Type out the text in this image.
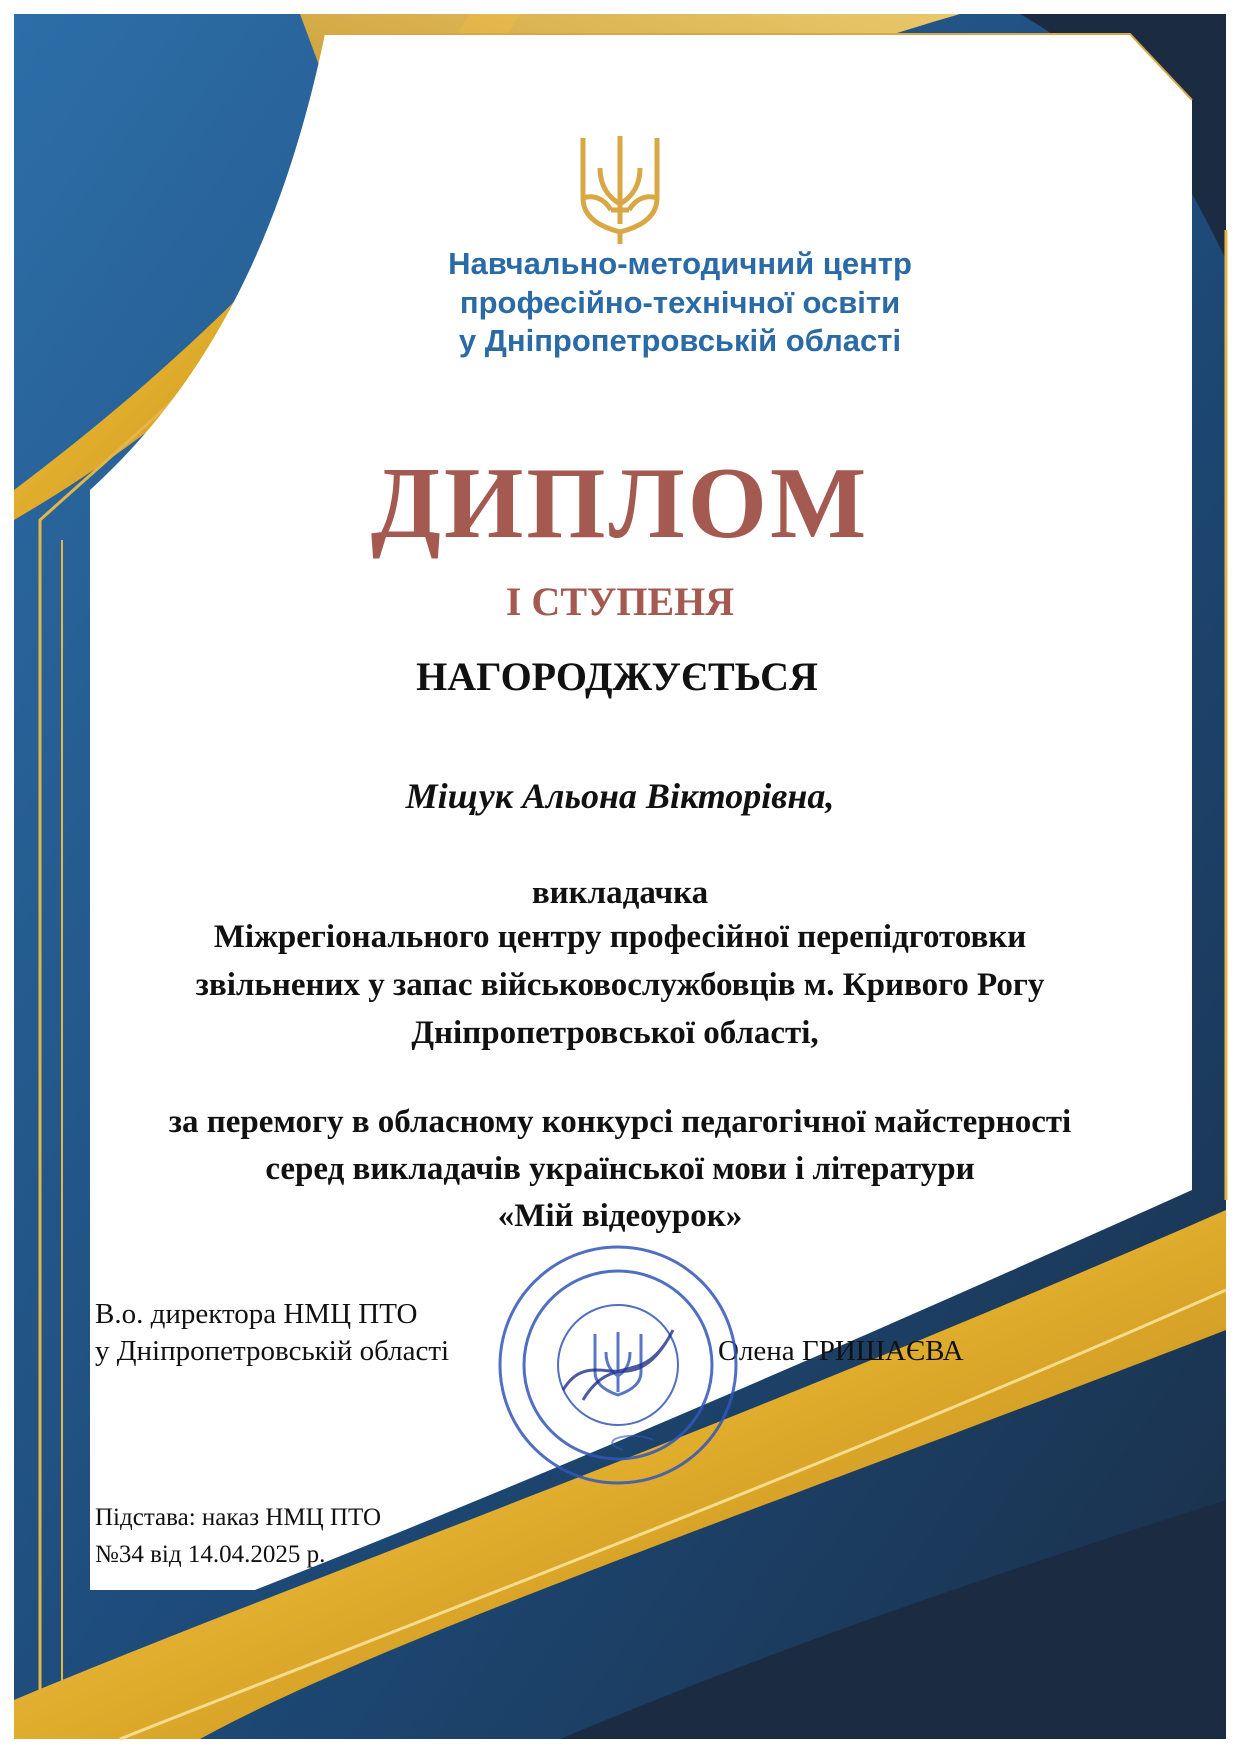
Навчально-методичний центр
професійно-технічної освіти
у Дніпропетровській області
ДИПЛОМ
І СТУПЕНЯ
НАГОРОДЖУЄТЬСЯ
Міщук Альона Вікторівна,
викладачка
Міжрегіонального центру професійної перепідготовки
звільнених у запас військовослужбовців м. Кривого Рогу
Дніпропетровської області,
за перемогу в обласному конкурсі педагогічної майстерності
серед викладачів української мови і літератури
«Мій відеоурок»
В.о. директора НМЦ ПТО
у Дніпропетровській області	Олена ГРИШАЄВА
Підстава: наказ НМЦ ПТО
№34 від 14.04.2025 р.
